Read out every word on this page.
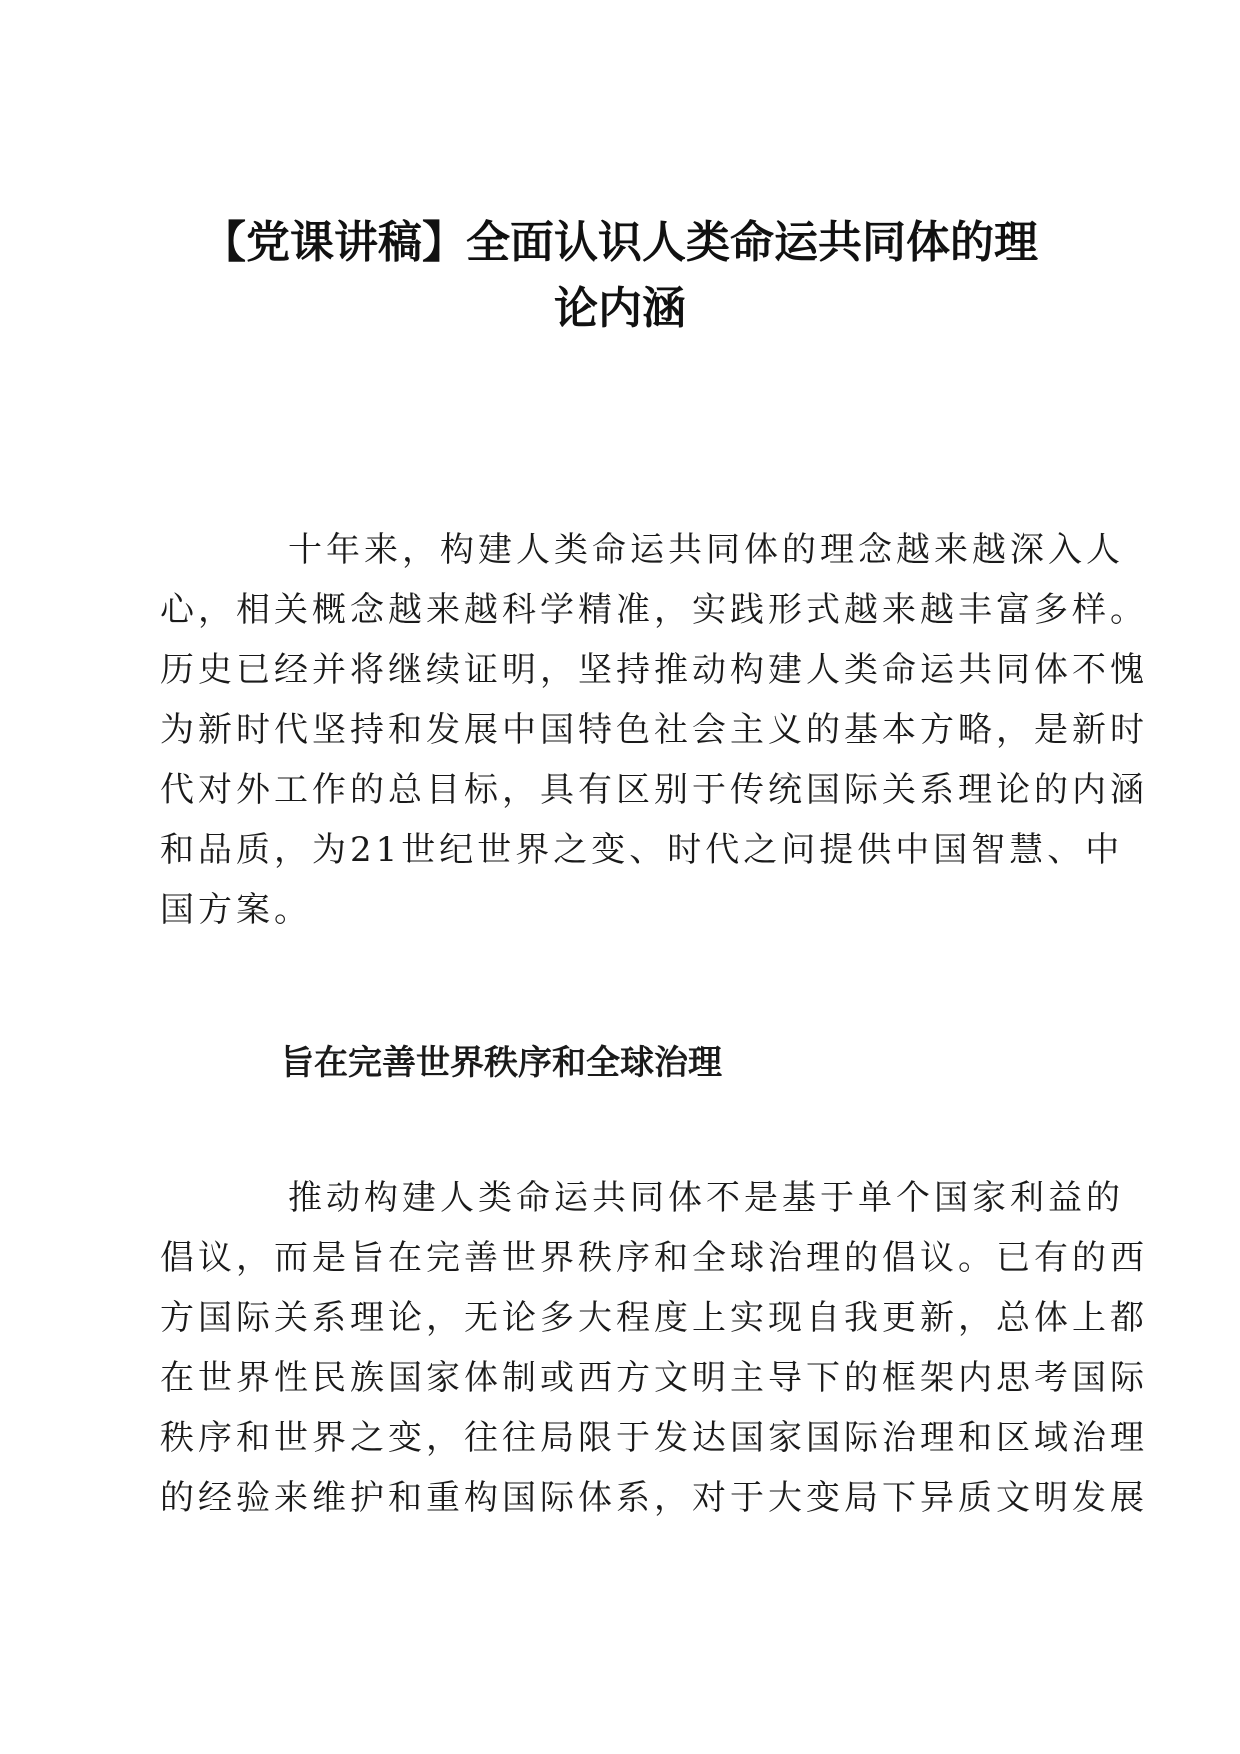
【党课讲稿】全面认识人类命运共同体的理
论内涵
十年来，构建人类命运共同体的理念越来越深入人
心，相关概念越来越科学精准，实践形式越来越丰富多样。
历史已经并将继续证明，坚持推动构建人类命运共同体不愧
为新时代坚持和发展中国特色社会主义的基本方略，是新时
代对外工作的总目标，具有区别于传统国际关系理论的内涵
和品质，为21世纪世界之变、时代之问提供中国智慧、中
国方案。
旨在完善世界秩序和全球治理
推动构建人类命运共同体不是基于单个国家利益的
倡议，而是旨在完善世界秩序和全球治理的倡议。已有的西
方国际关系理论，无论多大程度上实现自我更新，总体上都
在世界性民族国家体制或西方文明主导下的框架内思考国际
秩序和世界之变，往往局限于发达国家国际治理和区域治理
的经验来维护和重构国际体系，对于大变局下异质文明发展
